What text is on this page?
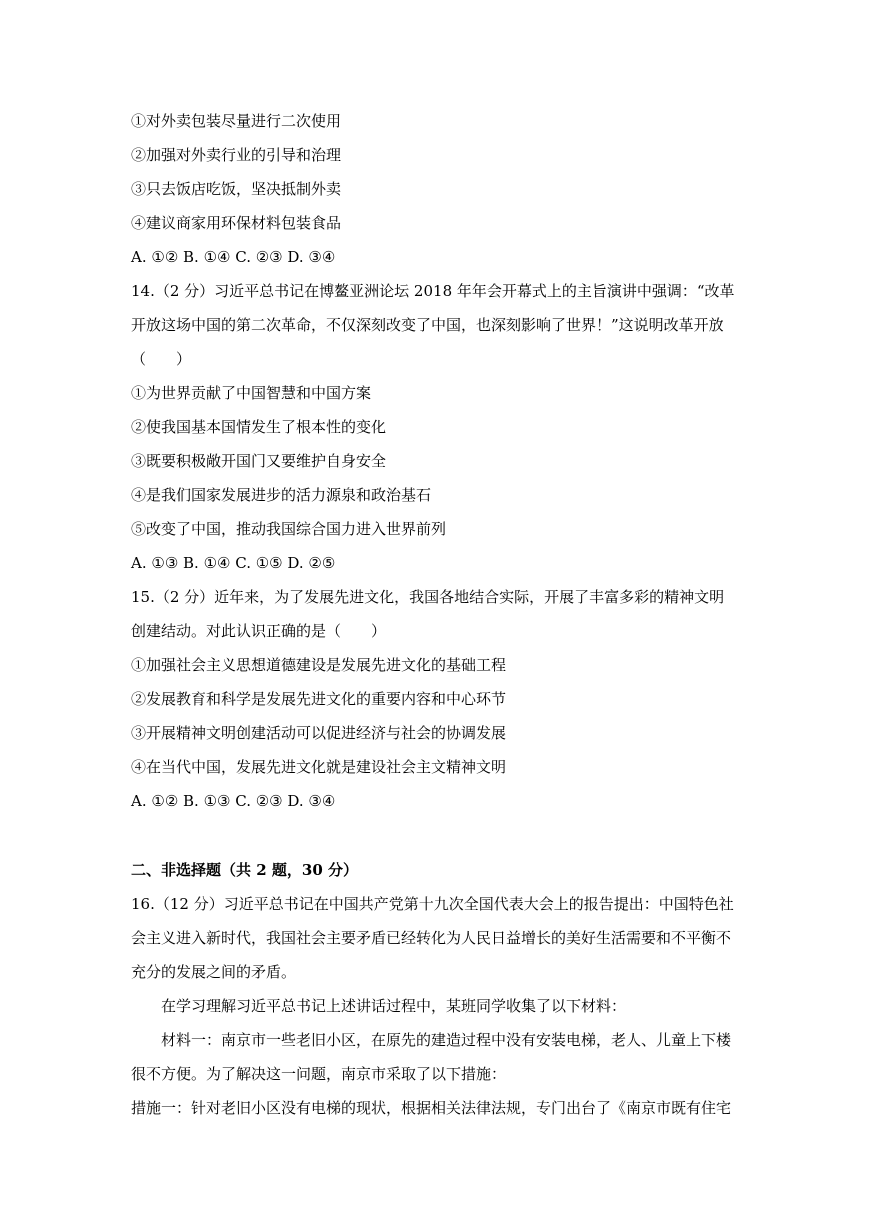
①对外卖包装尽量进行二次使用
②加强对外卖行业的引导和治理
③只去饭店吃饭，坚决抵制外卖
④建议商家用环保材料包装食品
A. ①② B. ①④ C. ②③ D. ③④
14.（2 分）习近平总书记在博鳌亚洲论坛 2018 年年会开幕式上的主旨演讲中强调：“改革
开放这场中国的第二次革命，不仅深刻改变了中国，也深刻影响了世界！”这说明改革开放
（　　）
①为世界贡献了中国智慧和中国方案
②使我国基本国情发生了根本性的变化
③既要积极敞开国门又要维护自身安全
④是我们国家发展进步的活力源泉和政治基石
⑤改变了中国，推动我国综合国力进入世界前列
A. ①③ B. ①④ C. ①⑤ D. ②⑤
15.（2 分）近年来，为了发展先进文化，我国各地结合实际，开展了丰富多彩的精神文明
创建结动。对此认识正确的是（　　）
①加强社会主义思想道德建设是发展先进文化的基础工程
②发展教育和科学是发展先进文化的重要内容和中心环节
③开展精神文明创建活动可以促进经济与社会的协调发展
④在当代中国，发展先进文化就是建设社会主文精神文明
A. ①② B. ①③ C. ②③ D. ③④
二、非选择题（共 2 题，30 分）
16.（12 分）习近平总书记在中国共产党第十九次全国代表大会上的报告提出：中国特色社
会主义进入新时代，我国社会主要矛盾已经转化为人民日益增长的美好生活需要和不平衡不
充分的发展之间的矛盾。
在学习理解习近平总书记上述讲话过程中，某班同学收集了以下材料：
材料一：南京市一些老旧小区，在原先的建造过程中没有安装电梯，老人、儿童上下楼
很不方便。为了解决这一问题，南京市采取了以下措施：
措施一：针对老旧小区没有电梯的现状，根据相关法律法规，专门出台了《南京市既有住宅
